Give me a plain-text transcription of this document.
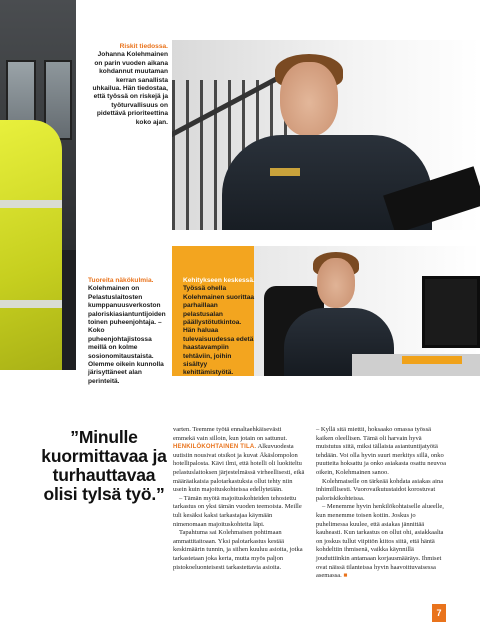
Riskit tiedossa. Johanna Kolehmainen on parin vuoden aikana kohdannut muutaman kerran sanallista uhkailua. Hän tiedostaa, että työssä on riskejä ja työturvallisuus on pidettävä prioriteettina koko ajan.
Tuoreita näkökulmia. Kolehmainen on Pelastuslaitosten kumppanuusverkoston paloriskiasiantuntijoiden toinen puheenjohtaja. – Koko puheenjohtajistossa meillä on kolme sosionomitaustaista. Olemme oikein kunnolla järisyttäneet alan perinteitä.
Kehitykseen keskessä. Työssä ohella Kolehmainen suorittaa parhaillaan pelastusalan päällystötutkintoa. Hän haluaa tulevaisuudessa edetä haastavampiin tehtäviin, joihin sisältyy kehittämistyötä.
”Minulle kuormittavaa ja turhauttavaa olisi tylsä työ.”

varten. Teemme työtä ennaltaehkäisevästi emmekä vain silloin, kun jotain on sattunut.

HENKILÖKOHTAINEN TILA. Alkuvuodesta uutisiin nousivat otsikot ja kuvat Äkäslompolon hotellipalosta. Kävi ilmi, että hotelli oli luokiteltu pelastuslaitoksen järjestelmässä virheellisesti, eikä määräaikaisia palotarkastuksia ollut tehty niin usein kuin majoituskohteissa edellytetään.

– Tämän myötä majoituskohteiden tehostettu tarkastus on yksi tämän vuoden teemoista. Meille tuli kesäksi kaksi tarkastajaa käymään nimenomaan majoituskohteita läpi.

Tapahtuma sai Kolehmaisen pohtimaan ammattitaitoaan. Yksi palotarkastus kestää keskimäärin tunnin, ja siihen kuuluu asioita, jotka tarkastetaan joka kerta, mutta myös paljon pistokoeluonteisesti tarkastettavia asioita.

– Kyllä sitä miettii, hoksaako omassa työssä kaiken oleellisen. Tämä oli harvain hyvä muistutus siitä, miksi tällaista asiantuntijatyötä tehdään. Voi olla hyvin suuri merkitys sillä, onko puutteita hoksattu ja onko asiakasta osattu neuvoa oikein, Kolehmainen sanoo.

Kolehmaiselle on tärkeää kohdata asiakas aina inhimillisesti. Vuorovaikutustaidot korostuvat paloriskikohteissa.

– Menemme hyvin henkilökohtaiselle alueelle, kun menemme toisen kotiin. Joskus jo puhelimessa kuulee, että asiakas jännittää kauheasti. Kun tarkastus on ollut ohi, asiakkaalta on joskus tullut viipitön kiitos siitä, että häntä kohdeltiin ihmisenä, vaikka käynnillä jouduttiinkin antamaan korjausmääräys. Ihmiset ovat näissä tilanteissa hyvin haavoittuvaisessa asemassa. ■

7
